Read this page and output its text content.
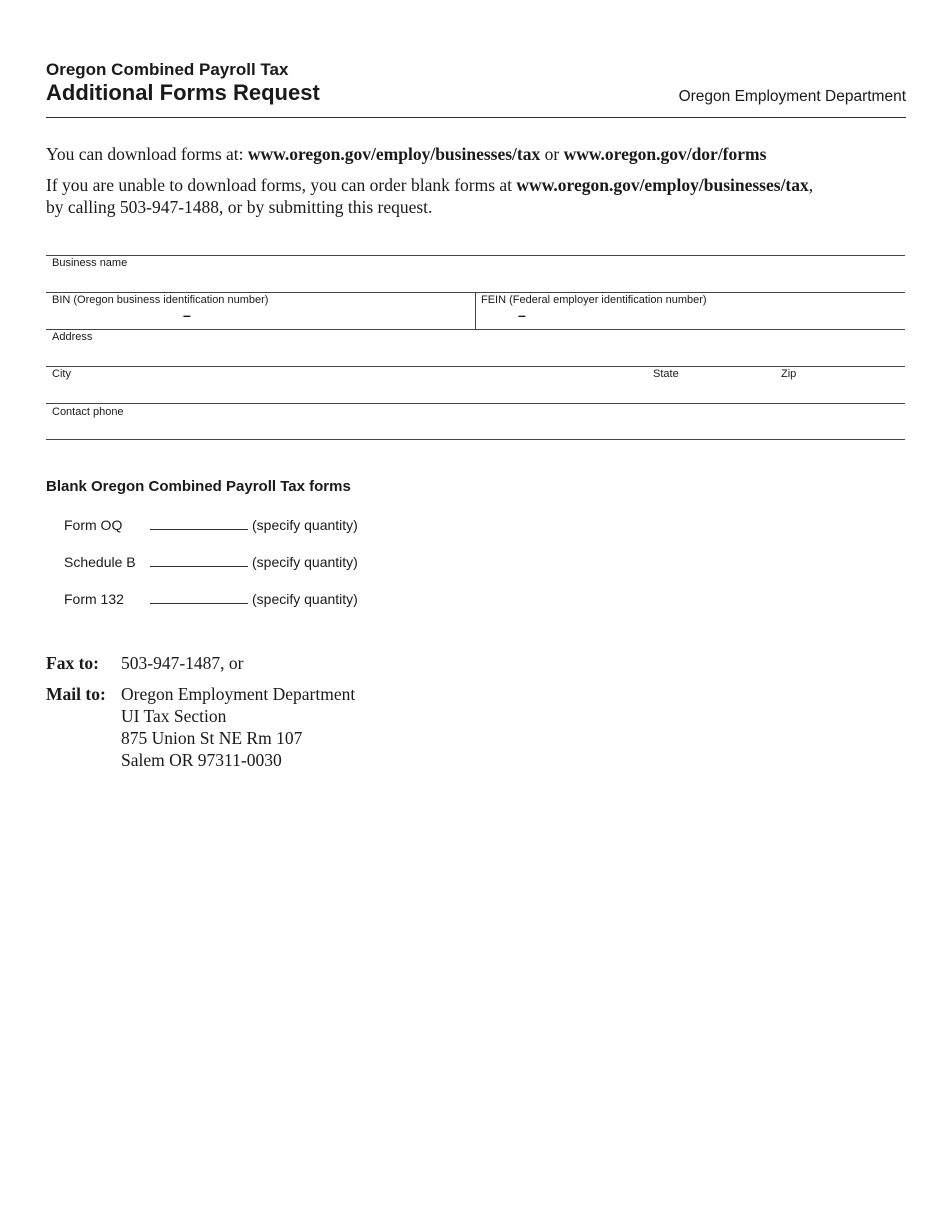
Oregon Combined Payroll Tax
Additional Forms Request	Oregon Employment Department
You can download forms at: www.oregon.gov/employ/businesses/tax or www.oregon.gov/dor/forms
If you are unable to download forms, you can order blank forms at www.oregon.gov/employ/businesses/tax,
by calling 503-947-1488, or by submitting this request.
Business name
BIN (Oregon business identification number)
–
FEIN (Federal employer identification number)
–
Address
City	State	Zip
Contact phone
Blank Oregon Combined Payroll Tax forms
Form OQ	(specify quantity)
Schedule B	(specify quantity)
Form 132	(specify quantity)
Fax to: 503-947-1487, or
Mail to: Oregon Employment Department
UI Tax Section
875 Union St NE Rm 107
Salem OR 97311-0030
